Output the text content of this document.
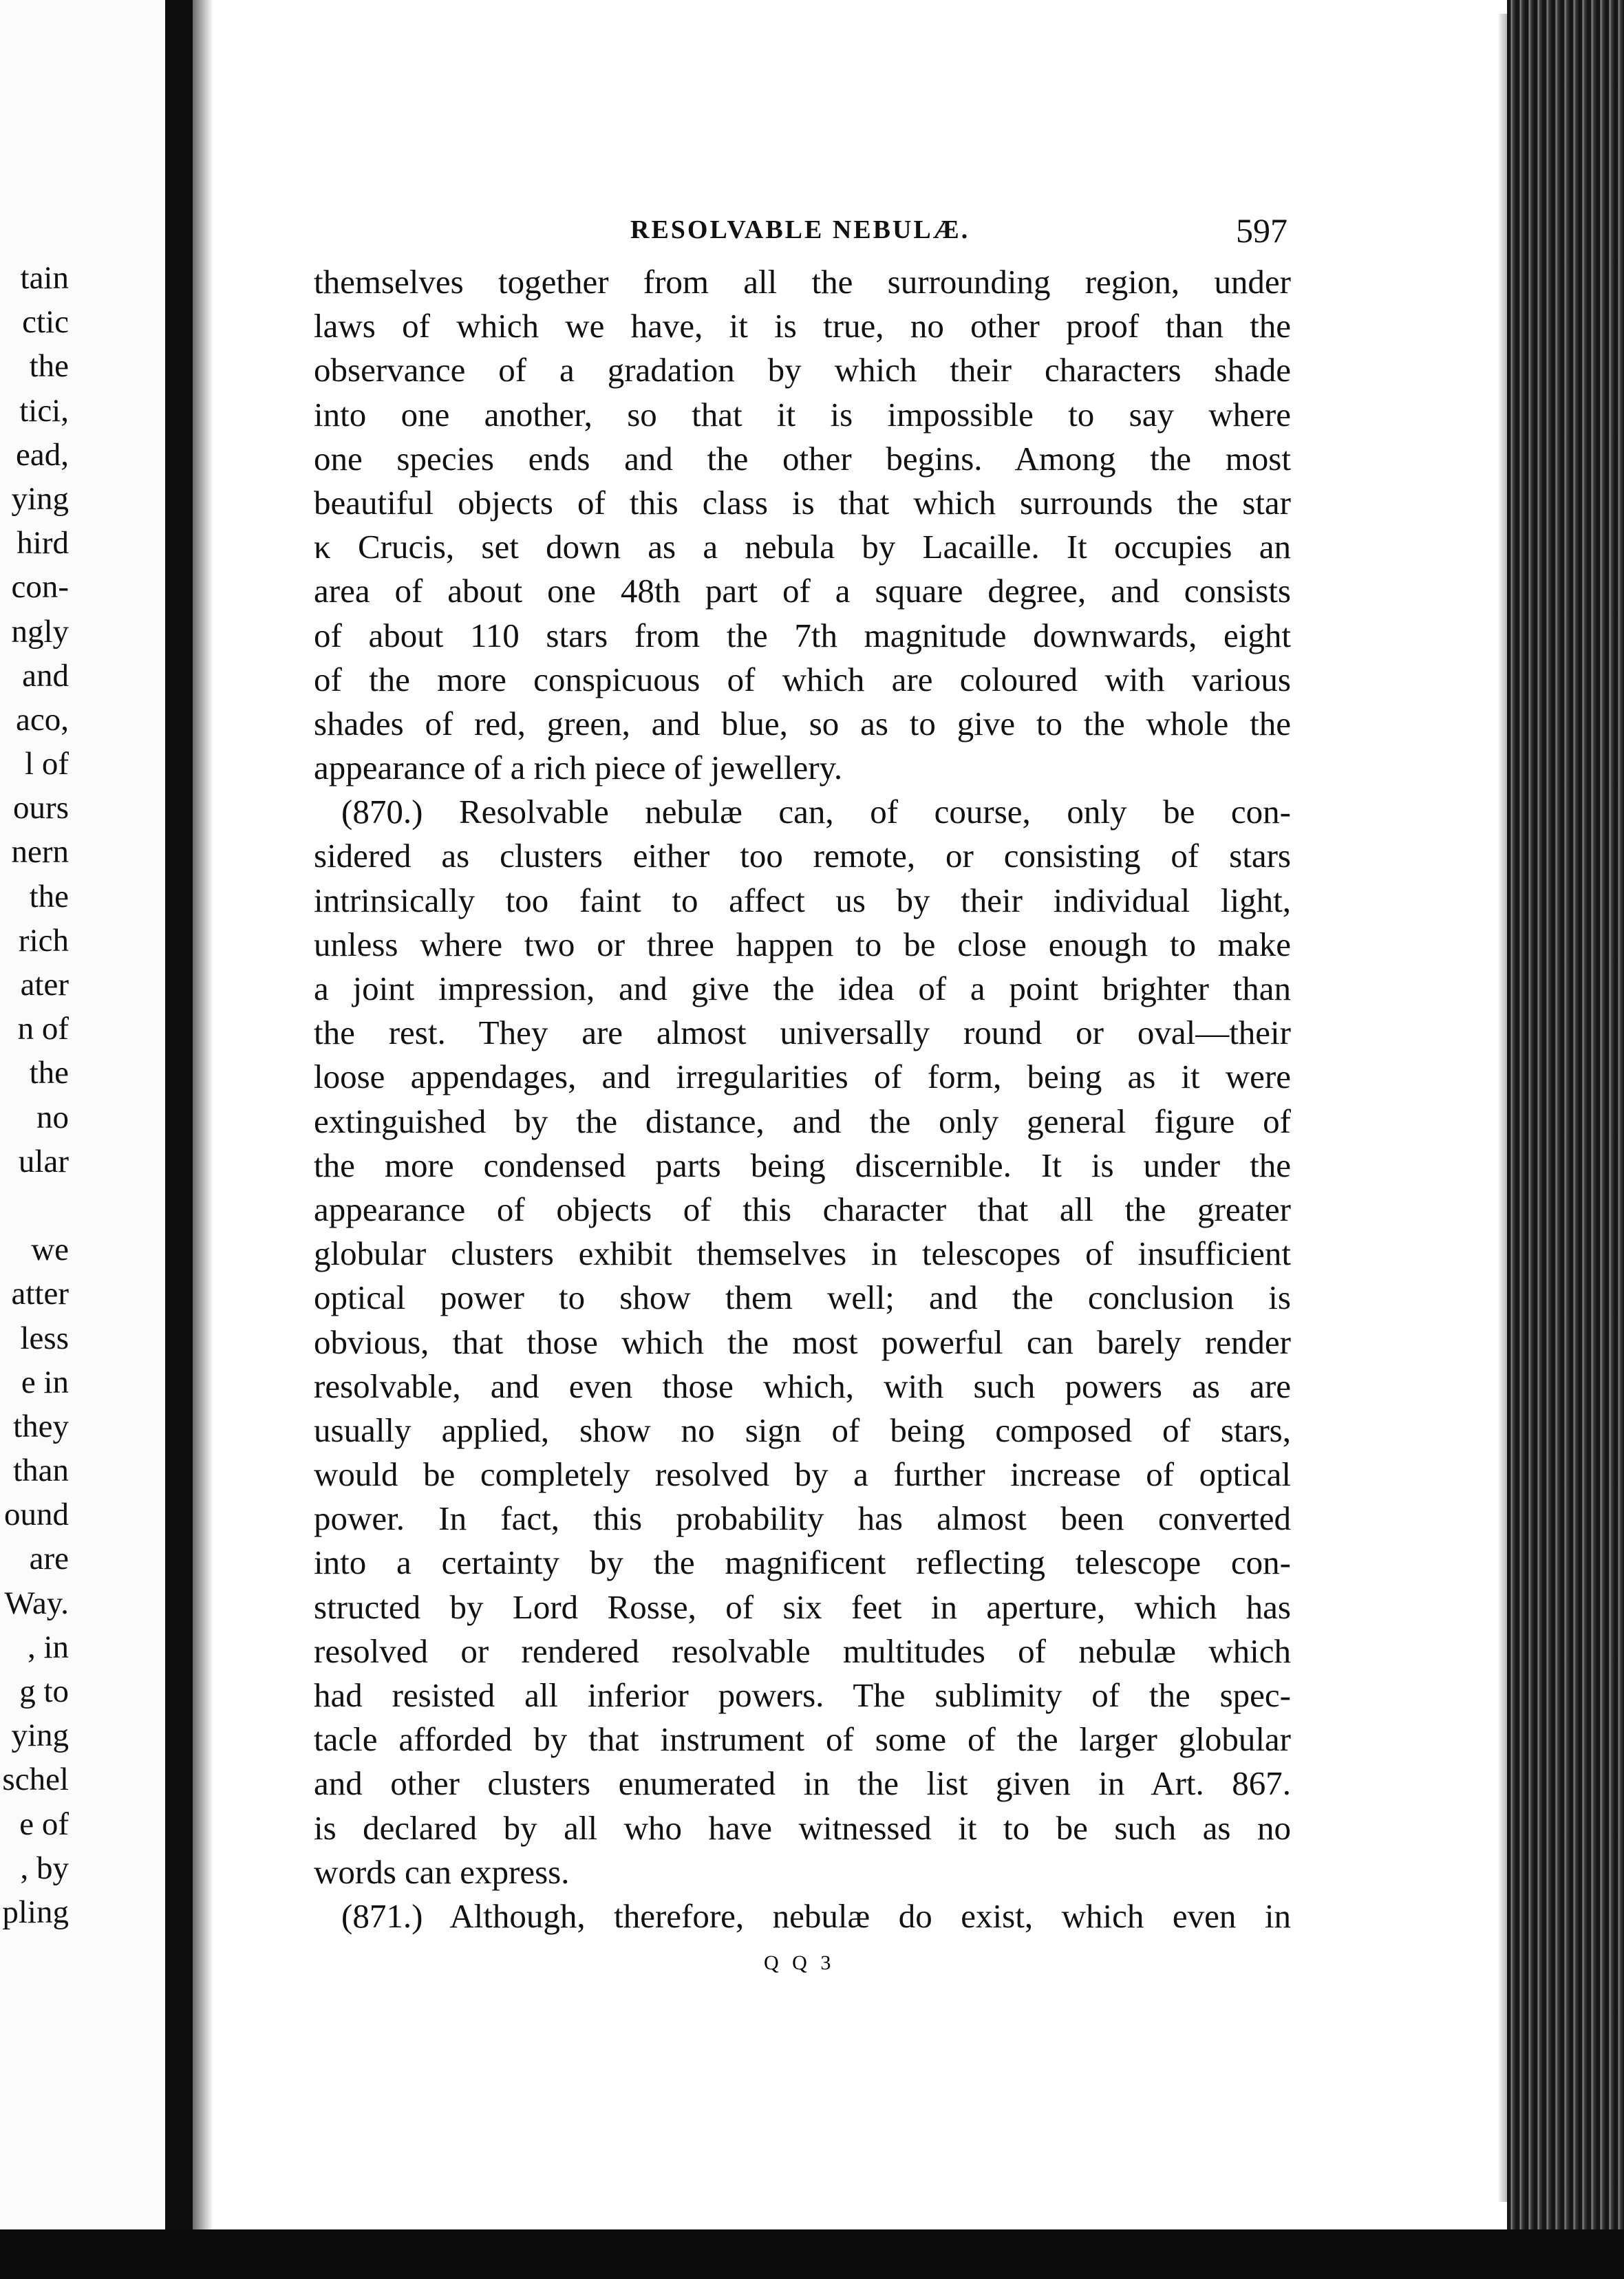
tain
ctic
the
tici,
ead,
ying
hird
con-
ngly
and
aco,
l of
ours
nern
the
rich
ater
n of
the
no
ular
we
atter
less
e in
they
than
ound
are
Way.
, in
g to
ying
schel
e of
, by
pling
RESOLVABLE NEBULÆ.	597
themselves together from all the surrounding region, under
laws of which we have, it is true, no other proof than the
observance of a gradation by which their characters shade
into one another, so that it is impossible to say where
one species ends and the other begins. Among the most
beautiful objects of this class is that which surrounds the star
κ Crucis, set down as a nebula by Lacaille. It occupies an
area of about one 48th part of a square degree, and consists
of about 110 stars from the 7th magnitude downwards, eight
of the more conspicuous of which are coloured with various
shades of red, green, and blue, so as to give to the whole the
appearance of a rich piece of jewellery.
(870.) Resolvable nebulæ can, of course, only be con-
sidered as clusters either too remote, or consisting of stars
intrinsically too faint to affect us by their individual light,
unless where two or three happen to be close enough to make
a joint impression, and give the idea of a point brighter than
the rest. They are almost universally round or oval—their
loose appendages, and irregularities of form, being as it were
extinguished by the distance, and the only general figure of
the more condensed parts being discernible. It is under the
appearance of objects of this character that all the greater
globular clusters exhibit themselves in telescopes of insufficient
optical power to show them well; and the conclusion is
obvious, that those which the most powerful can barely render
resolvable, and even those which, with such powers as are
usually applied, show no sign of being composed of stars,
would be completely resolved by a further increase of optical
power. In fact, this probability has almost been converted
into a certainty by the magnificent reflecting telescope con-
structed by Lord Rosse, of six feet in aperture, which has
resolved or rendered resolvable multitudes of nebulæ which
had resisted all inferior powers. The sublimity of the spec-
tacle afforded by that instrument of some of the larger globular
and other clusters enumerated in the list given in Art. 867.
is declared by all who have witnessed it to be such as no
words can express.
(871.) Although, therefore, nebulæ do exist, which even in
Q Q 3
